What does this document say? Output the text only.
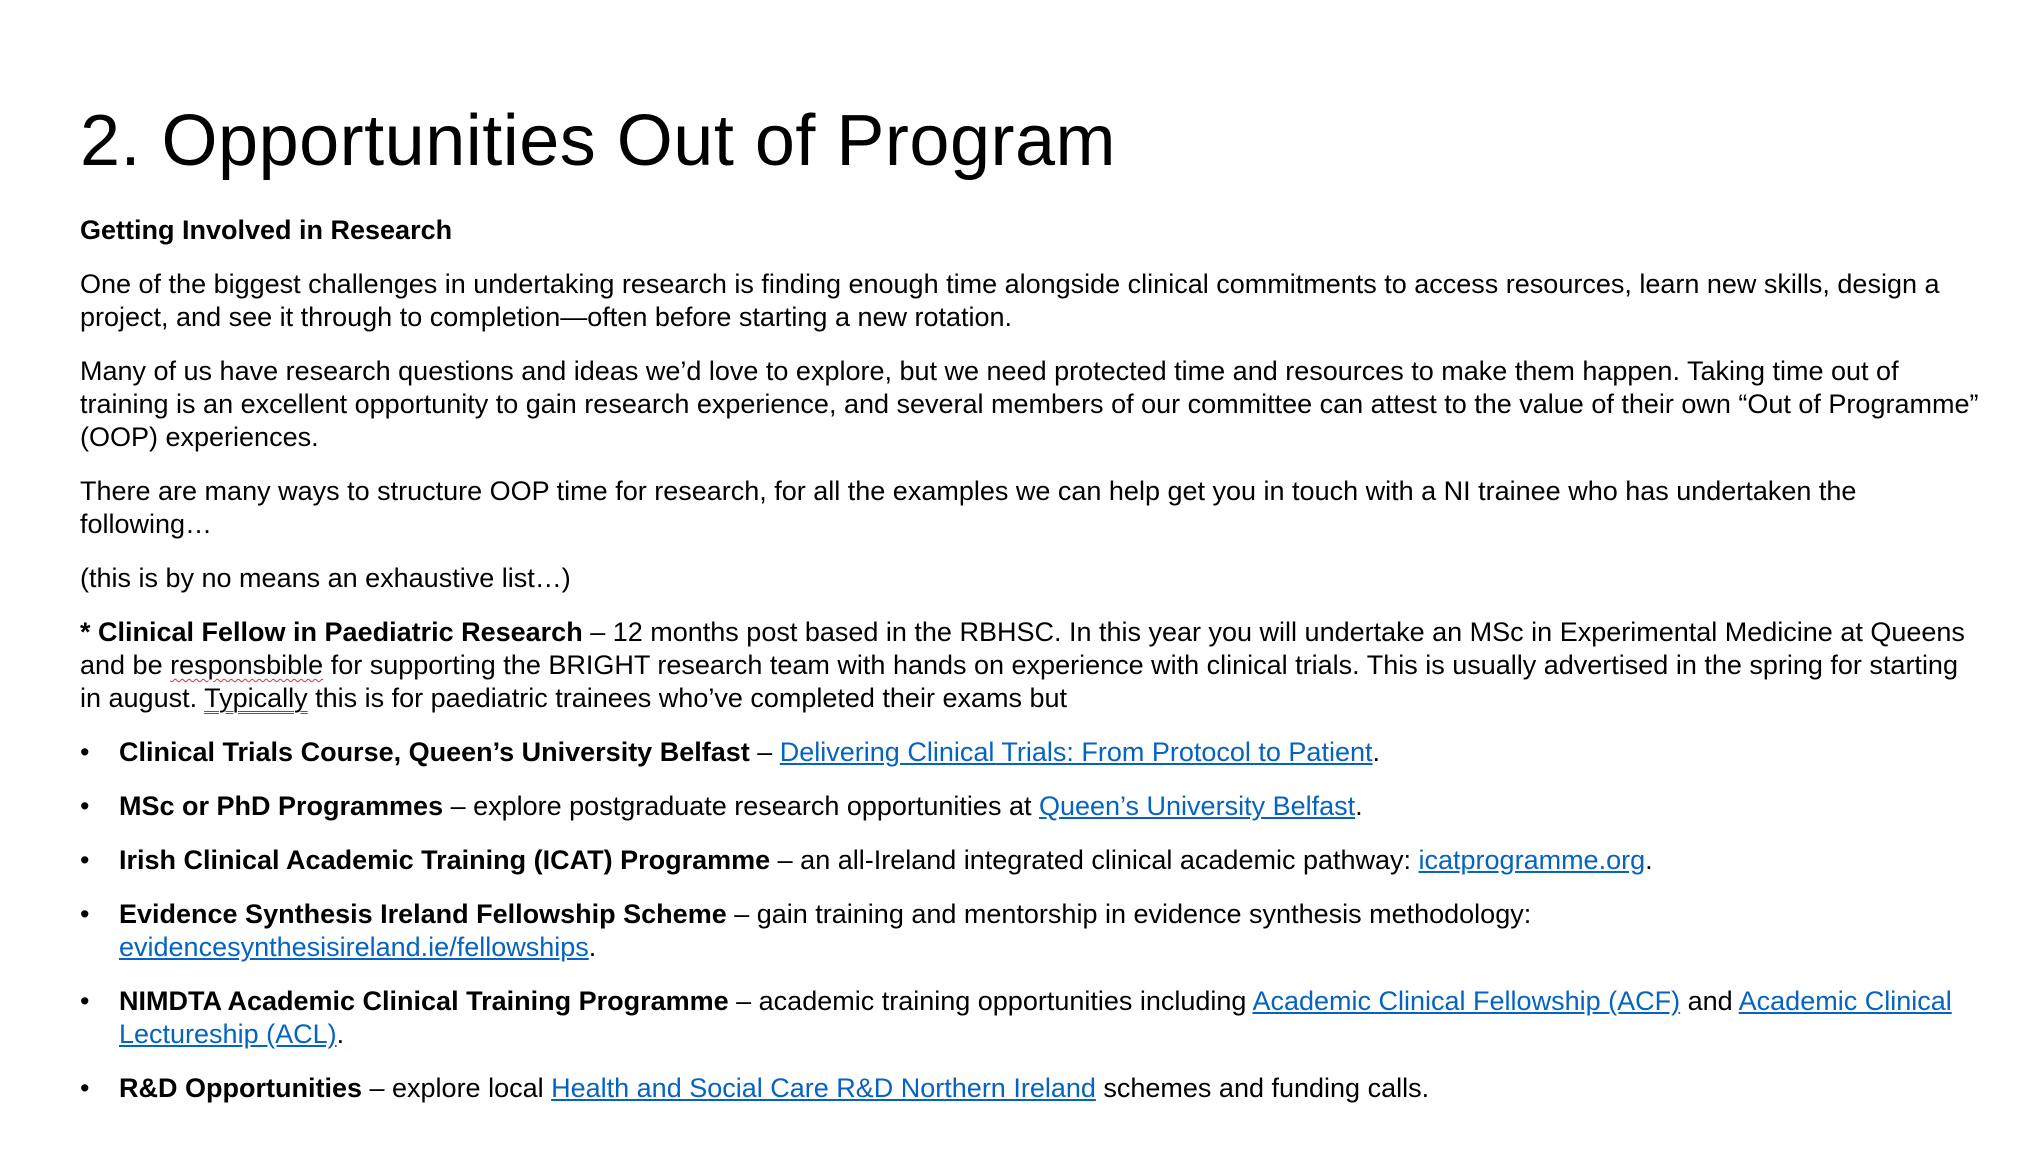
2. Opportunities Out of Program

Getting Involved in Research

One of the biggest challenges in undertaking research is finding enough time alongside clinical commitments to access resources, learn new skills, design a project, and see it through to completion—often before starting a new rotation.

Many of us have research questions and ideas we’d love to explore, but we need protected time and resources to make them happen. Taking time out of training is an excellent opportunity to gain research experience, and several members of our committee can attest to the value of their own “Out of Programme” (OOP) experiences.

There are many ways to structure OOP time for research, for all the examples we can help get you in touch with a NI trainee who has undertaken the following…

(this is by no means an exhaustive list…)

* Clinical Fellow in Paediatric Research – 12 months post based in the RBHSC. In this year you will undertake an MSc in Experimental Medicine at Queens and be responsbible for supporting the BRIGHT research team with hands on experience with clinical trials. This is usually advertised in the spring for starting in august. Typically this is for paediatric trainees who’ve completed their exams but

• Clinical Trials Course, Queen’s University Belfast – Delivering Clinical Trials: From Protocol to Patient.
• MSc or PhD Programmes – explore postgraduate research opportunities at Queen’s University Belfast.
• Irish Clinical Academic Training (ICAT) Programme – an all-Ireland integrated clinical academic pathway: icatprogramme.org.
• Evidence Synthesis Ireland Fellowship Scheme – gain training and mentorship in evidence synthesis methodology: evidencesynthesisireland.ie/fellowships.
• NIMDTA Academic Clinical Training Programme – academic training opportunities including Academic Clinical Fellowship (ACF) and Academic Clinical Lectureship (ACL).
• R&D Opportunities – explore local Health and Social Care R&D Northern Ireland schemes and funding calls.
